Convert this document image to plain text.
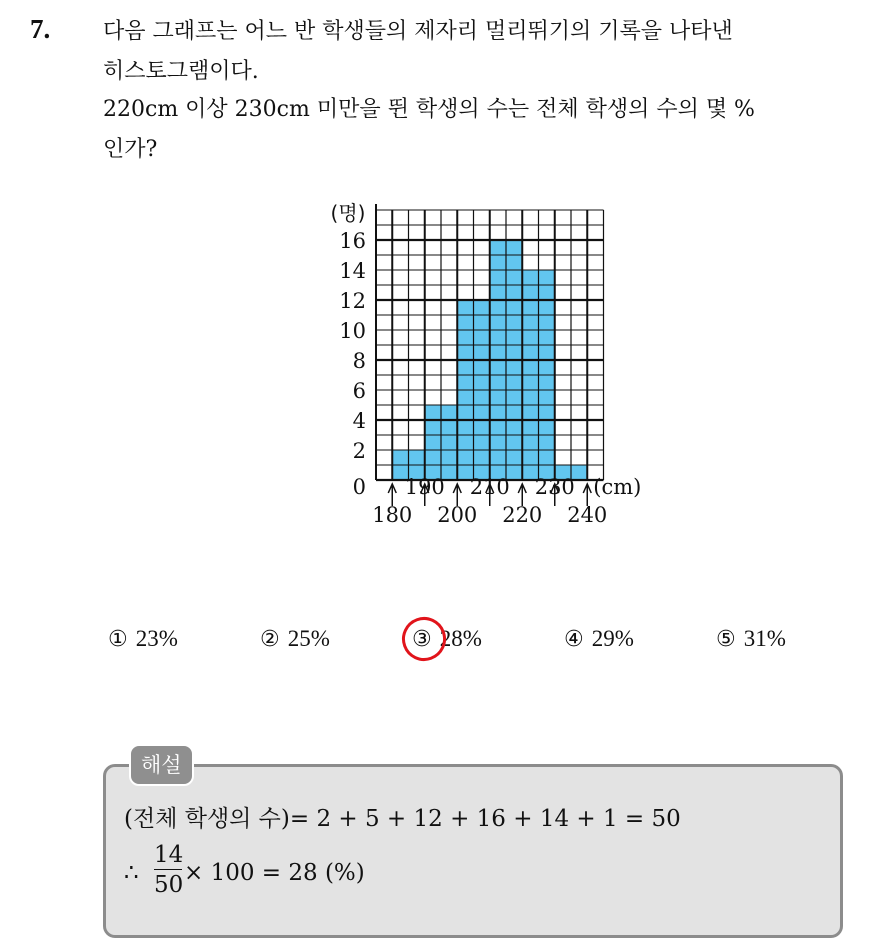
7. 다음 그래프는 어느 반 학생들의 제자리 멀리뛰기의 기록을 나타낸
히스토그램이다.
220cm 이상 230cm 미만을 뛴 학생의 수는 전체 학생의 수의 몇 %
인가?
0
2
4
6
8
10
12
14
16
(명)
180 200 220 240
190 210 230 (cm)
① 23%	② 25%	③ 28%	④ 29%	⑤ 31%
해설
(전체 학생의 수)= 2 + 5 + 12 + 16 + 14 + 1 = 50
∴
14
50 × 100 = 28 (%)
